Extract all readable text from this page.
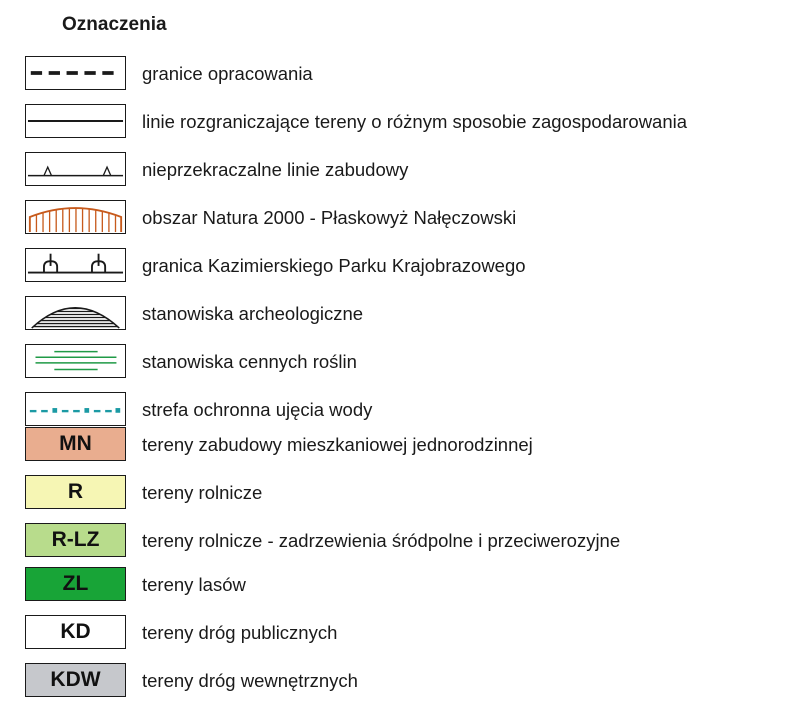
Oznaczenia
granice opracowania
linie rozgraniczające tereny o różnym sposobie zagospodarowania
nieprzekraczalne linie zabudowy
obszar Natura 2000 - Płaskowyż Nałęczowski
granica Kazimierskiego Parku Krajobrazowego
stanowiska archeologiczne
stanowiska cennych roślin
strefa ochronna ujęcia wody
MN	tereny zabudowy mieszkaniowej jednorodzinnej
R	tereny rolnicze
R-LZ	tereny rolnicze - zadrzewienia śródpolne i przeciwerozyjne
ZL	tereny lasów
KD	tereny dróg publicznych
KDW	tereny dróg wewnętrznych
